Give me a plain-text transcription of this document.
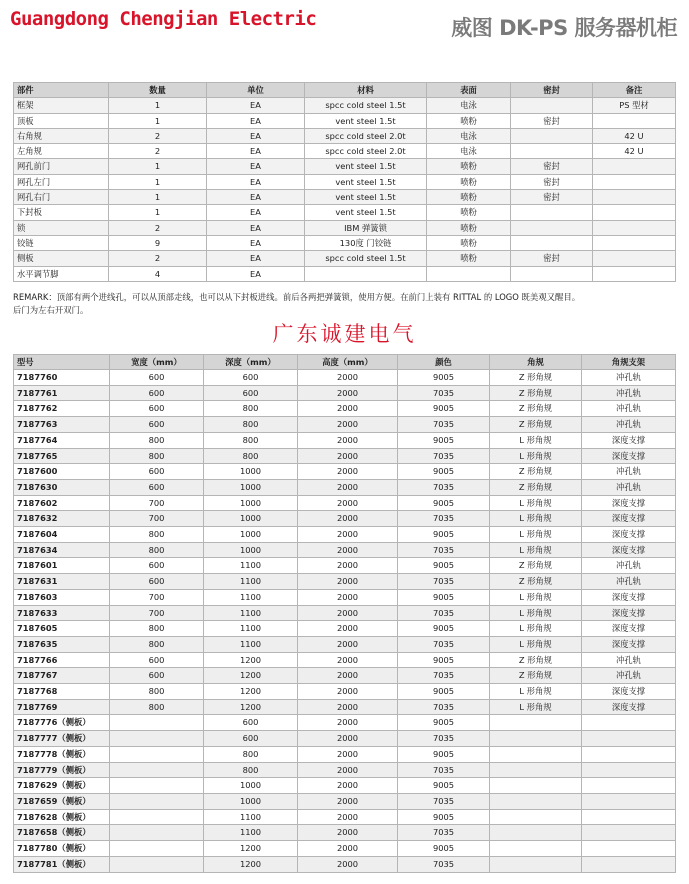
Guangdong Chengjian Electric	威图 DK-PS 服务器机柜
部件	数量	单位	材料	表面	密封	备注
框架	1	EA	spcc cold steel 1.5t	电泳		PS 型材
顶板	1	EA	vent steel 1.5t	喷粉	密封	
右角规	2	EA	spcc cold steel 2.0t	电泳		42 U
左角规	2	EA	spcc cold steel 2.0t	电泳		42 U
网孔前门	1	EA	vent steel 1.5t	喷粉	密封	
网孔左门	1	EA	vent steel 1.5t	喷粉	密封	
网孔右门	1	EA	vent steel 1.5t	喷粉	密封	
下封板	1	EA	vent steel 1.5t	喷粉		
锁	2	EA	IBM 弹簧锁	喷粉		
铰链	9	EA	130度 门铰链	喷粉		
侧板	2	EA	spcc cold steel 1.5t	喷粉	密封	
水平调节脚	4	EA				
REMARK：顶部有两个进线孔，可以从顶部走线，也可以从下封板进线。前后各两把弹簧锁，使用方便。在前门上装有 RITTAL 的 LOGO 既美观又醒目。
后门为左右开双门。
广东诚建电气
型号	宽度（mm）	深度（mm）	高度（mm）	颜色	角规	角规支架
7187760	600	600	2000	9005	Z 形角规	冲孔轨
7187761	600	600	2000	7035	Z 形角规	冲孔轨
7187762	600	800	2000	9005	Z 形角规	冲孔轨
7187763	600	800	2000	7035	Z 形角规	冲孔轨
7187764	800	800	2000	9005	L 形角规	深度支撑
7187765	800	800	2000	7035	L 形角规	深度支撑
7187600	600	1000	2000	9005	Z 形角规	冲孔轨
7187630	600	1000	2000	7035	Z 形角规	冲孔轨
7187602	700	1000	2000	9005	L 形角规	深度支撑
7187632	700	1000	2000	7035	L 形角规	深度支撑
7187604	800	1000	2000	9005	L 形角规	深度支撑
7187634	800	1000	2000	7035	L 形角规	深度支撑
7187601	600	1100	2000	9005	Z 形角规	冲孔轨
7187631	600	1100	2000	7035	Z 形角规	冲孔轨
7187603	700	1100	2000	9005	L 形角规	深度支撑
7187633	700	1100	2000	7035	L 形角规	深度支撑
7187605	800	1100	2000	9005	L 形角规	深度支撑
7187635	800	1100	2000	7035	L 形角规	深度支撑
7187766	600	1200	2000	9005	Z 形角规	冲孔轨
7187767	600	1200	2000	7035	Z 形角规	冲孔轨
7187768	800	1200	2000	9005	L 形角规	深度支撑
7187769	800	1200	2000	7035	L 形角规	深度支撑
7187776（侧板）		600	2000	9005		
7187777（侧板）		600	2000	7035		
7187778（侧板）		800	2000	9005		
7187779（侧板）		800	2000	7035		
7187629（侧板）		1000	2000	9005		
7187659（侧板）		1000	2000	7035		
7187628（侧板）		1100	2000	9005		
7187658（侧板）		1100	2000	7035		
7187780（侧板）		1200	2000	9005		
7187781（侧板）		1200	2000	7035		
